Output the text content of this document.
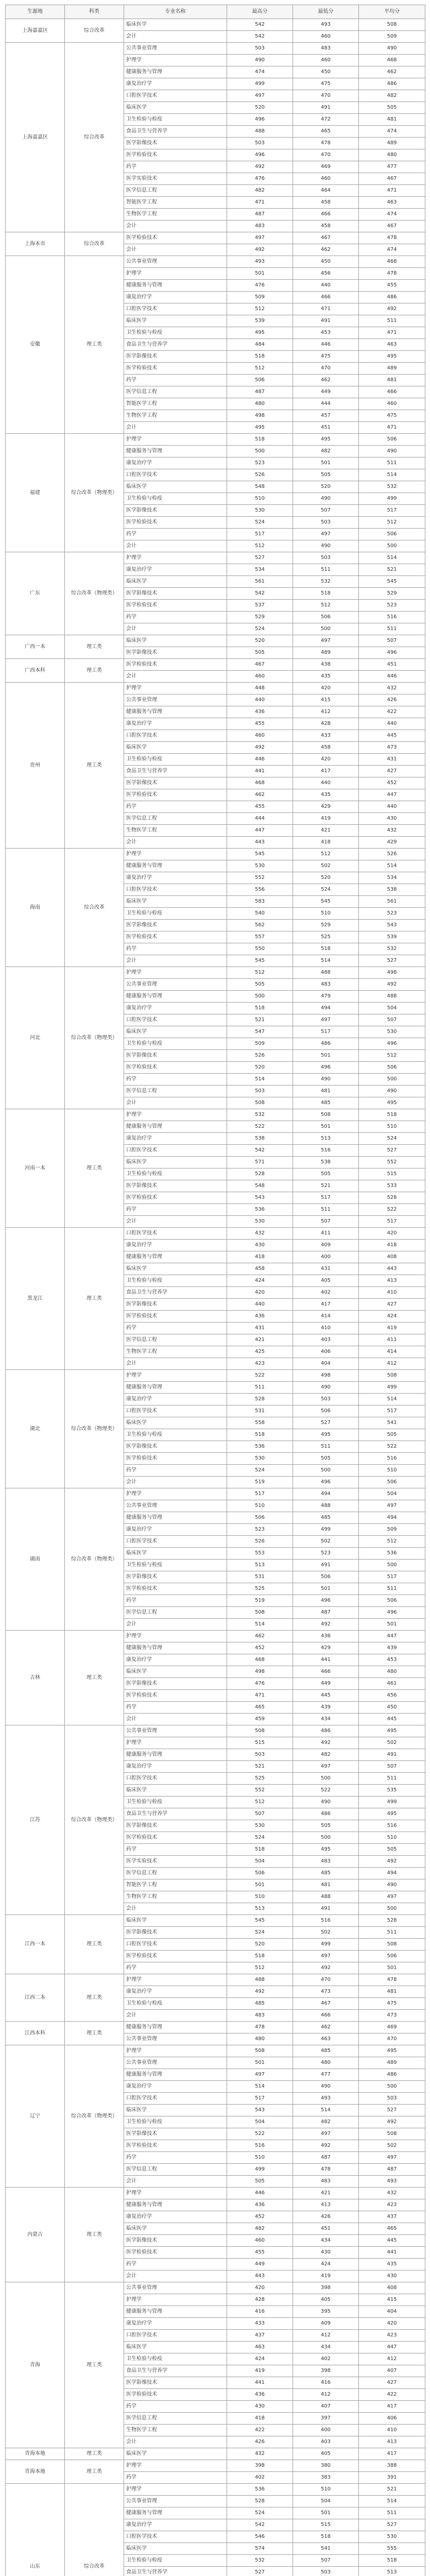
生源地	科类	专业名称	最高分	最低分	平均分
上海嘉嘉区	综合改革	临床医学	542	493	508
		会计	542	460	509
上海嘉嘉区	综合改革	公共事业管理	503	483	490
		护理学	490	460	468
		健康服务与管理	474	450	462
		康复治疗学	499	475	486
		口腔医学技术	497	470	482
		临床医学	520	491	505
		卫生检验与检疫	496	472	481
		食品卫生与营养学	488	465	474
		医学影像技术	503	478	489
		医学检验技术	496	470	480
		药学	492	469	477
		医学实验技术	476	460	467
		医学信息工程	482	464	471
		智能医学工程	471	458	463
		生物医学工程	487	466	474
		会计	483	458	467
上海本市	综合改革	医学检验技术	497	467	478
		会计	492	462	474
安徽	理工类	公共事业管理	493	450	468
		护理学	501	456	478
		健康服务与管理	476	440	455
		康复治疗学	509	466	486
		口腔医学技术	512	471	492
		临床医学	539	491	511
		卫生检验与检疫	495	453	471
		食品卫生与营养学	484	446	463
		医学影像技术	518	475	495
		医学检验技术	512	470	489
		药学	506	462	481
		医学信息工程	487	449	466
		智能医学工程	480	444	460
		生物医学工程	498	457	475
		会计	495	451	471
福建	综合改革（物理类）	护理学	518	495	506
		健康服务与管理	500	482	490
		康复治疗学	523	501	511
		口腔医学技术	526	505	514
		临床医学	548	520	532
		卫生检验与检疫	510	490	499
		医学影像技术	530	507	517
		医学检验技术	524	503	512
		药学	517	497	506
		会计	512	490	500
广东	综合改革（物理类）	护理学	527	503	514
		康复治疗学	534	511	521
		临床医学	561	532	545
		医学影像技术	542	518	529
		医学检验技术	537	512	523
		药学	529	506	516
		会计	524	500	511
广西一本	理工类	临床医学	520	497	507
		医学影像技术	505	489	496
广西本科	理工类	医学检验技术	467	438	451
		会计	460	435	446
贵州	理工类	护理学	448	420	432
		公共事业管理	440	415	426
		健康服务与管理	436	412	422
		康复治疗学	455	428	440
		口腔医学技术	460	433	445
		临床医学	492	458	473
		卫生检验与检疫	446	420	431
		食品卫生与营养学	441	417	427
		医学影像技术	468	440	452
		医学检验技术	462	435	447
		药学	455	429	440
		医学信息工程	444	419	430
		生物医学工程	447	421	432
		会计	443	418	429
海南	综合改革	护理学	545	512	526
		健康服务与管理	530	502	514
		康复治疗学	552	520	534
		口腔医学技术	556	524	538
		临床医学	583	545	561
		卫生检验与检疫	540	510	523
		医学影像技术	562	529	543
		医学检验技术	557	525	539
		药学	550	518	532
		会计	545	514	527
河北	综合改革（物理类）	护理学	512	488	498
		公共事业管理	505	483	492
		健康服务与管理	500	479	488
		康复治疗学	518	494	504
		口腔医学技术	521	497	507
		临床医学	547	517	530
		卫生检验与检疫	509	486	496
		医学影像技术	526	501	512
		医学检验技术	520	496	506
		药学	514	490	500
		医学信息工程	503	481	490
		会计	508	485	495
河南一本	理工类	护理学	532	508	518
		健康服务与管理	522	501	510
		康复治疗学	538	513	524
		口腔医学技术	542	516	527
		临床医学	571	538	552
		卫生检验与检疫	528	505	515
		医学影像技术	548	521	533
		医学检验技术	543	517	528
		药学	536	511	522
		会计	530	507	517
黑龙江	理工类	口腔医学技术	432	411	420
		康复治疗学	430	409	418
		健康服务与管理	418	400	408
		临床医学	458	431	443
		卫生检验与检疫	424	405	413
		食品卫生与营养学	420	402	410
		医学影像技术	440	417	427
		医学检验技术	436	414	424
		药学	431	410	419
		医学信息工程	421	403	411
		生物医学工程	425	406	414
		会计	423	404	412
湖北	综合改革（物理类）	护理学	522	498	508
		健康服务与管理	511	490	499
		康复治疗学	528	503	514
		口腔医学技术	531	506	517
		临床医学	558	527	541
		卫生检验与检疫	518	495	505
		医学影像技术	536	511	522
		医学检验技术	530	505	516
		药学	524	500	510
		会计	519	496	506
湖南	综合改革（物理类）	护理学	517	494	504
		公共事业管理	510	488	497
		健康服务与管理	506	485	494
		康复治疗学	523	499	509
		口腔医学技术	526	502	512
		临床医学	553	523	536
		卫生检验与检疫	513	491	500
		医学影像技术	531	506	517
		医学检验技术	525	501	511
		药学	519	496	506
		医学信息工程	508	487	496
		会计	514	492	501
吉林	理工类	护理学	462	436	447
		健康服务与管理	452	429	439
		康复治疗学	468	441	453
		临床医学	498	466	480
		医学影像技术	476	449	461
		医学检验技术	471	445	456
		药学	465	439	450
		会计	459	434	445
江苏	综合改革（物理类）	公共事业管理	508	486	495
		护理学	515	492	502
		健康服务与管理	503	482	491
		康复治疗学	521	497	507
		口腔医学技术	525	500	511
		临床医学	552	522	535
		卫生检验与检疫	512	490	499
		食品卫生与营养学	507	486	495
		医学影像技术	530	505	516
		医学检验技术	524	500	510
		药学	518	495	505
		医学实验技术	504	483	492
		医学信息工程	506	485	494
		智能医学工程	501	481	490
		生物医学工程	510	488	497
		会计	513	491	500
江西一本	理工类	临床医学	545	516	528
		医学影像技术	524	502	511
		口腔医学技术	520	499	508
		医学检验技术	518	497	506
		药学	512	492	501
江西二本	理工类	护理学	488	470	478
		康复治疗学	492	473	481
		卫生检验与检疫	485	467	475
		会计	483	466	473
江西本科	理工类	健康服务与管理	478	462	469
		公共事业管理	480	463	470
辽宁	综合改革（物理类）	护理学	508	485	495
		公共事业管理	501	480	489
		健康服务与管理	497	477	486
		康复治疗学	514	490	500
		口腔医学技术	517	493	503
		临床医学	543	514	527
		卫生检验与检疫	504	482	492
		医学影像技术	522	497	508
		医学检验技术	516	492	502
		药学	510	487	497
		医学信息工程	499	478	487
		会计	505	483	493
内蒙古	理工类	护理学	446	421	432
		健康服务与管理	436	413	423
		康复治疗学	452	426	437
		临床医学	482	451	465
		医学影像技术	460	434	445
		医学检验技术	455	430	441
		药学	449	424	435
		会计	443	419	430
青海	理工类	公共事业管理	420	398	408
		护理学	428	405	415
		健康服务与管理	416	395	404
		康复治疗学	433	409	420
		口腔医学技术	437	412	423
		临床医学	463	434	447
		卫生检验与检疫	424	402	412
		食品卫生与营养学	419	398	407
		医学影像技术	441	416	427
		医学检验技术	436	412	422
		药学	430	407	417
		医学信息工程	418	397	406
		生物医学工程	422	400	410
		会计	426	403	413
青海本地	理工类	临床医学	432	405	417
青海本地	理工类	护理学	398	380	388
		药学	402	383	391
山东	综合改革	护理学	536	510	521
		公共事业管理	528	504	514
		健康服务与管理	524	501	511
		康复治疗学	542	515	527
		口腔医学技术	546	518	530
		临床医学	574	541	555
		卫生检验与检疫	532	507	518
		食品卫生与营养学	527	503	513
